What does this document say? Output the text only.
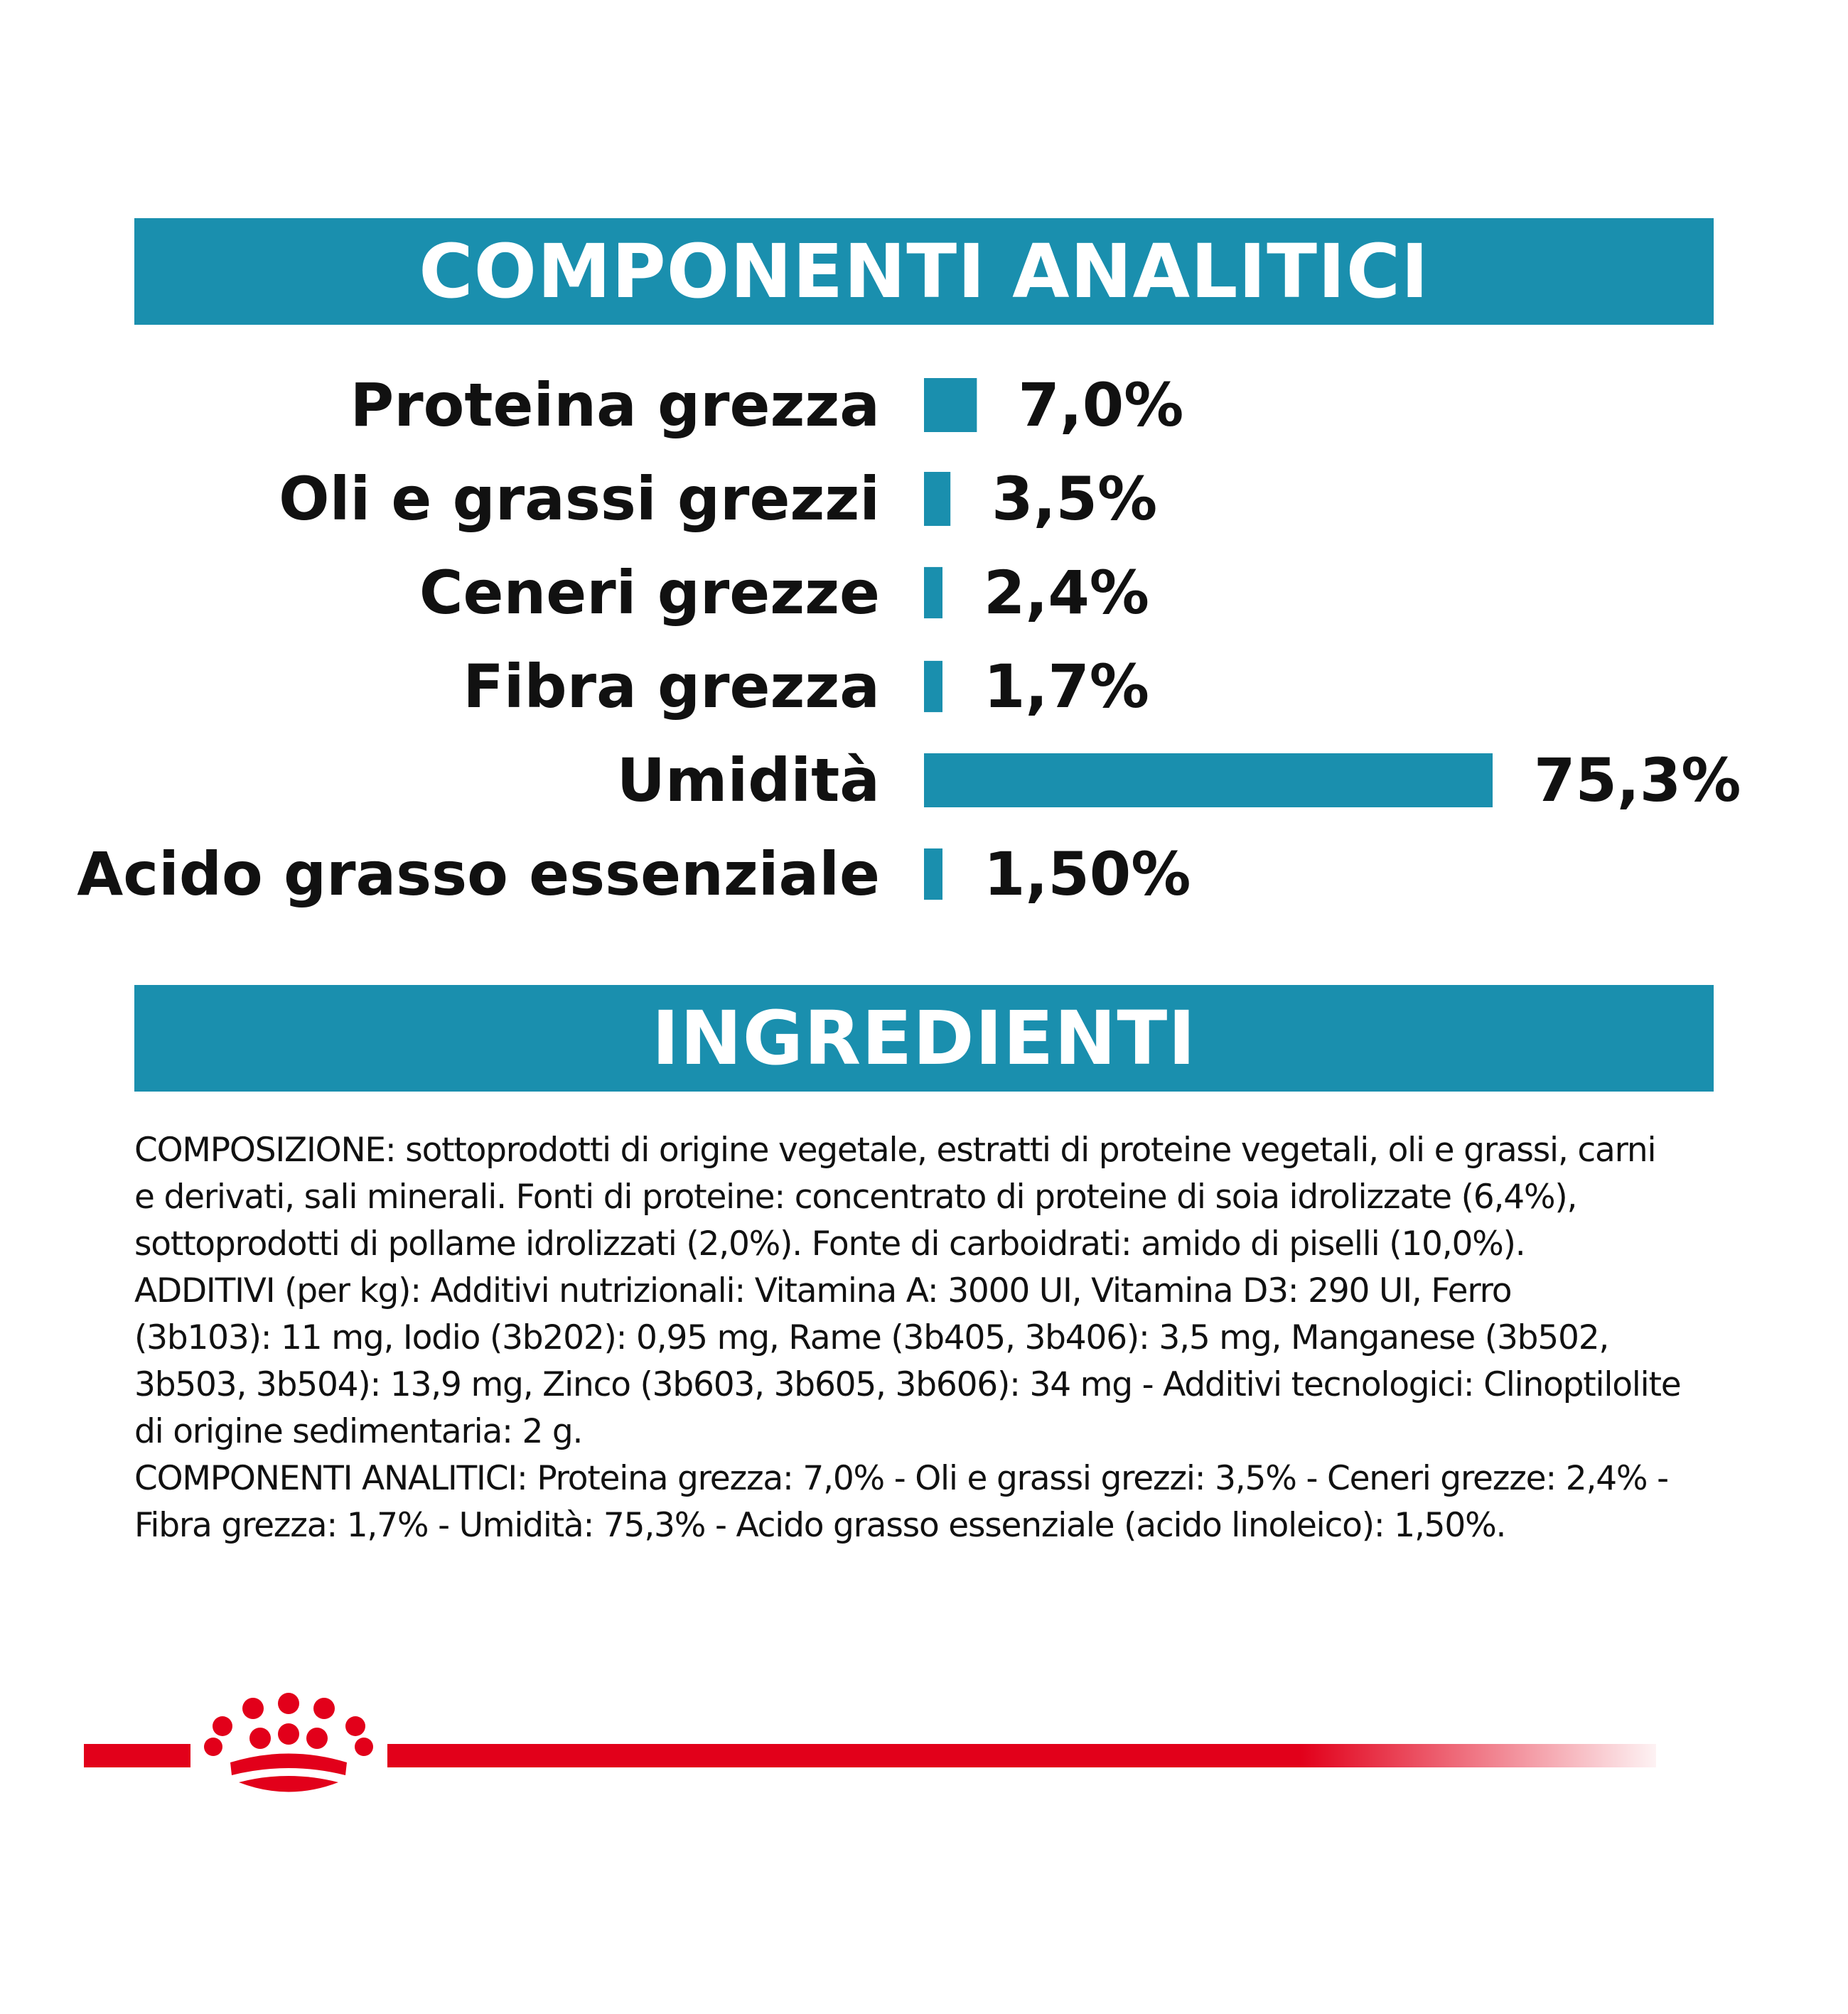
COMPONENTI ANALITICI
Proteina grezza 7,0%
Oli e grassi grezzi 3,5%
Ceneri grezze 2,4%
Fibra grezza 1,7%
Umidità	75,3%
Acido grasso essenziale 1,50%
INGREDIENTI
COMPOSIZIONE: sottoprodotti di origine vegetale, estratti di proteine vegetali, oli e grassi, carni
e derivati, sali minerali. Fonti di proteine: concentrato di proteine di soia idrolizzate (6,4%),
sottoprodotti di pollame idrolizzati (2,0%). Fonte di carboidrati: amido di piselli (10,0%).
ADDITIVI (per kg): Additivi nutrizionali: Vitamina A: 3000 UI, Vitamina D3: 290 UI, Ferro
(3b103): 11 mg, Iodio (3b202): 0,95 mg, Rame (3b405, 3b406): 3,5 mg, Manganese (3b502,
3b503, 3b504): 13,9 mg, Zinco (3b603, 3b605, 3b606): 34 mg - Additivi tecnologici: Clinoptilolite
di origine sedimentaria: 2 g.
COMPONENTI ANALITICI: Proteina grezza: 7,0% - Oli e grassi grezzi: 3,5% - Ceneri grezze: 2,4% -
Fibra grezza: 1,7% - Umidità: 75,3% - Acido grasso essenziale (acido linoleico): 1,50%.
